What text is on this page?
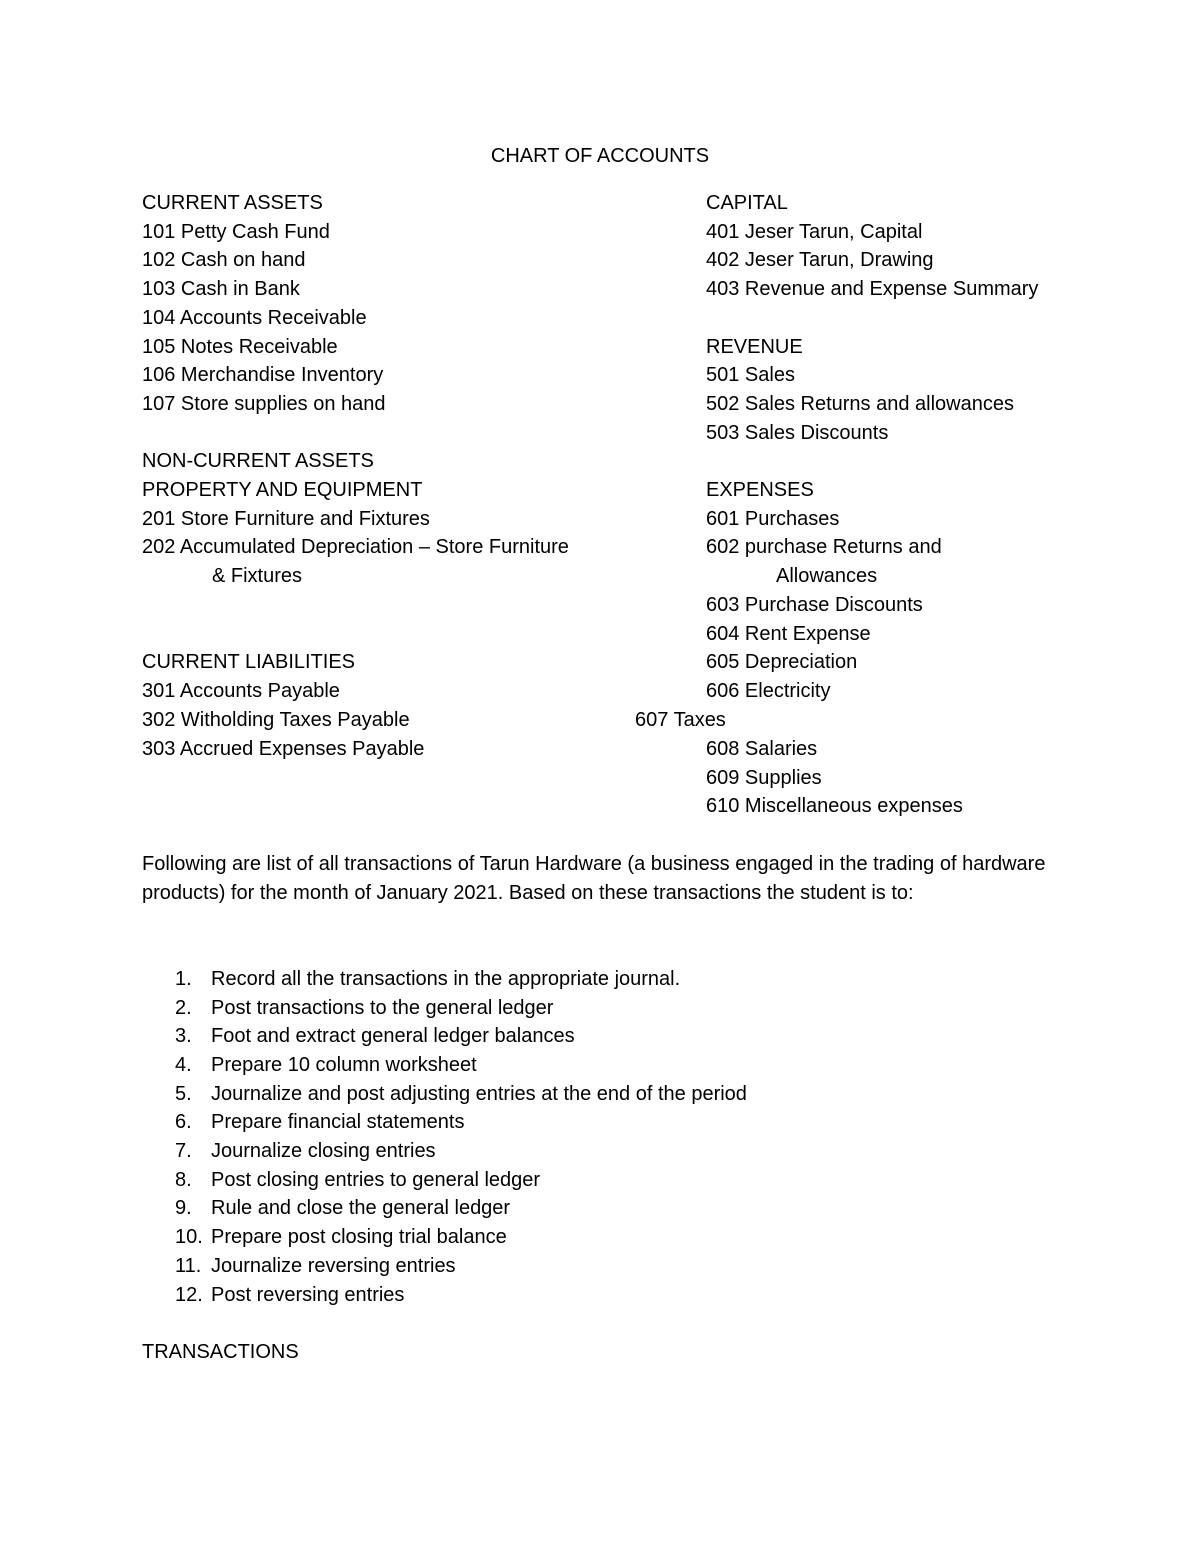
CHART OF ACCOUNTS
CURRENT ASSETS
101 Petty Cash Fund
102 Cash on hand
103 Cash in Bank
104 Accounts Receivable
105 Notes Receivable
106 Merchandise Inventory
107 Store supplies on hand
NON-CURRENT ASSETS
PROPERTY AND EQUIPMENT
201 Store Furniture and Fixtures
202 Accumulated Depreciation – Store Furniture
& Fixtures
CURRENT LIABILITIES
301 Accounts Payable
302 Witholding Taxes Payable
303 Accrued Expenses Payable
CAPITAL
401 Jeser Tarun, Capital
402 Jeser Tarun, Drawing
403 Revenue and Expense Summary
REVENUE
501 Sales
502 Sales Returns and allowances
503 Sales Discounts
EXPENSES
601 Purchases
602 purchase Returns and
Allowances
603 Purchase Discounts
604 Rent Expense
605 Depreciation
606 Electricity
607 Taxes
608 Salaries
609 Supplies
610 Miscellaneous expenses
Following are list of all transactions of Tarun Hardware (a business engaged in the trading of hardware products) for the month of January 2021. Based on these transactions the student is to:
1. Record all the transactions in the appropriate journal.
2. Post transactions to the general ledger
3. Foot and extract general ledger balances
4. Prepare 10 column worksheet
5. Journalize and post adjusting entries at the end of the period
6. Prepare financial statements
7. Journalize closing entries
8. Post closing entries to general ledger
9. Rule and close the general ledger
10. Prepare post closing trial balance
11. Journalize reversing entries
12. Post reversing entries
TRANSACTIONS
